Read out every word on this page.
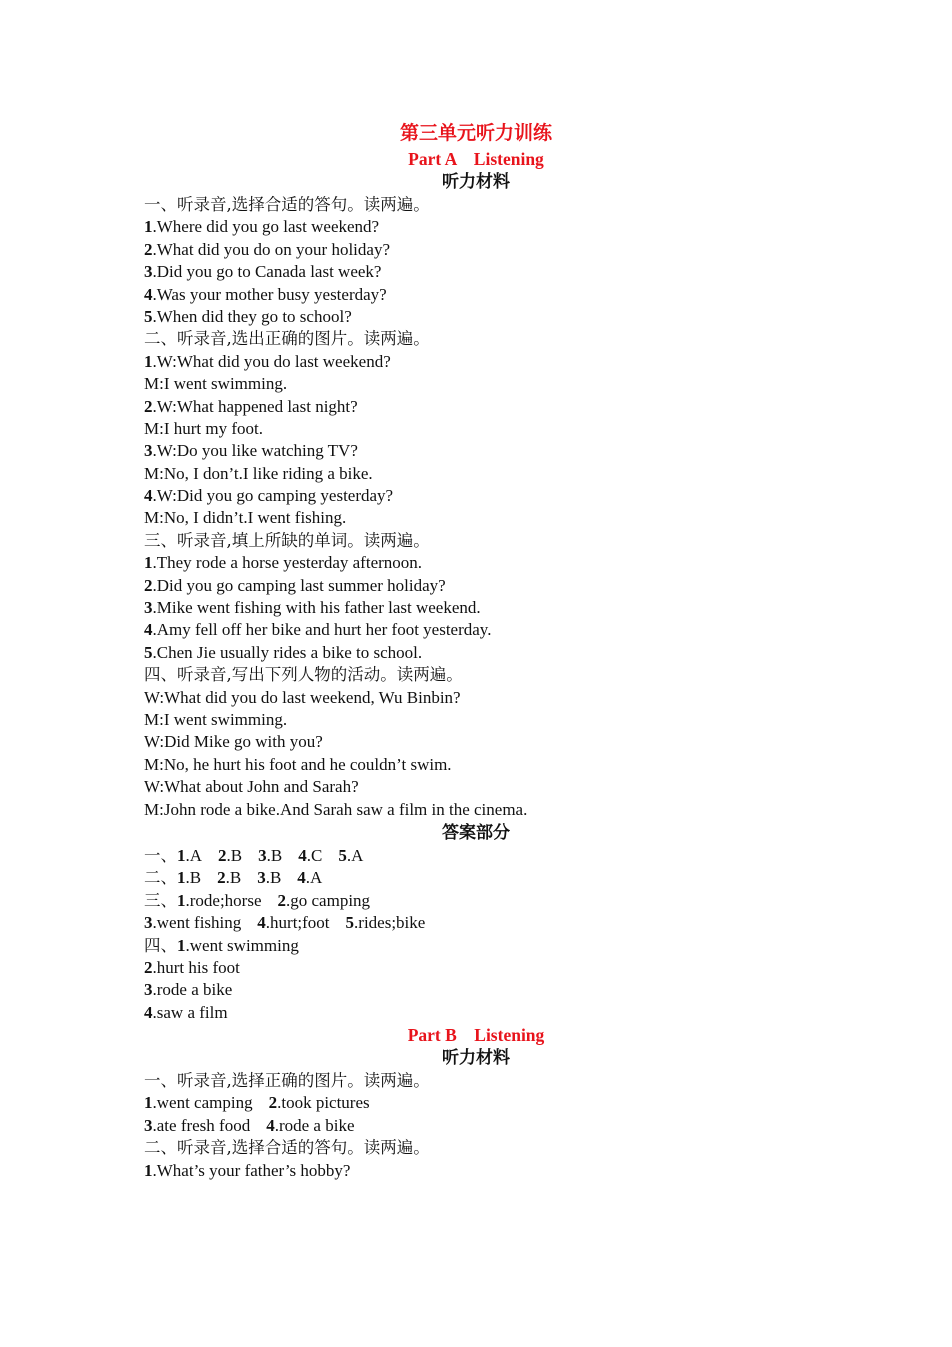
第三单元听力训练
Part A　Listening
听力材料
一、听录音,选择合适的答句。读两遍。
1.Where did you go last weekend?
2.What did you do on your holiday?
3.Did you go to Canada last week?
4.Was your mother busy yesterday?
5.When did they go to school?
二、听录音,选出正确的图片。读两遍。
1.W:What did you do last weekend?
M:I went swimming.
2.W:What happened last night?
M:I hurt my foot.
3.W:Do you like watching TV?
M:No, I don’t.I like riding a bike.
4.W:Did you go camping yesterday?
M:No, I didn’t.I went fishing.
三、听录音,填上所缺的单词。读两遍。
1.They rode a horse yesterday afternoon.
2.Did you go camping last summer holiday?
3.Mike went fishing with his father last weekend.
4.Amy fell off her bike and hurt her foot yesterday.
5.Chen Jie usually rides a bike to school.
四、听录音,写出下列人物的活动。读两遍。
W:What did you do last weekend, Wu Binbin?
M:I went swimming.
W:Did Mike go with you?
M:No, he hurt his foot and he couldn’t swim.
W:What about John and Sarah?
M:John rode a bike.And Sarah saw a film in the cinema.
答案部分
一、1.A 2.B 3.B 4.C 5.A
二、1.B 2.B 3.B 4.A
三、1.rode;horse 2.go camping
3.went fishing 4.hurt;foot 5.rides;bike
四、1.went swimming
2.hurt his foot
3.rode a bike
4.saw a film
Part B　Listening
听力材料
一、听录音,选择正确的图片。读两遍。
1.went camping 2.took pictures
3.ate fresh food 4.rode a bike
二、听录音,选择合适的答句。读两遍。
1.What’s your father’s hobby?
